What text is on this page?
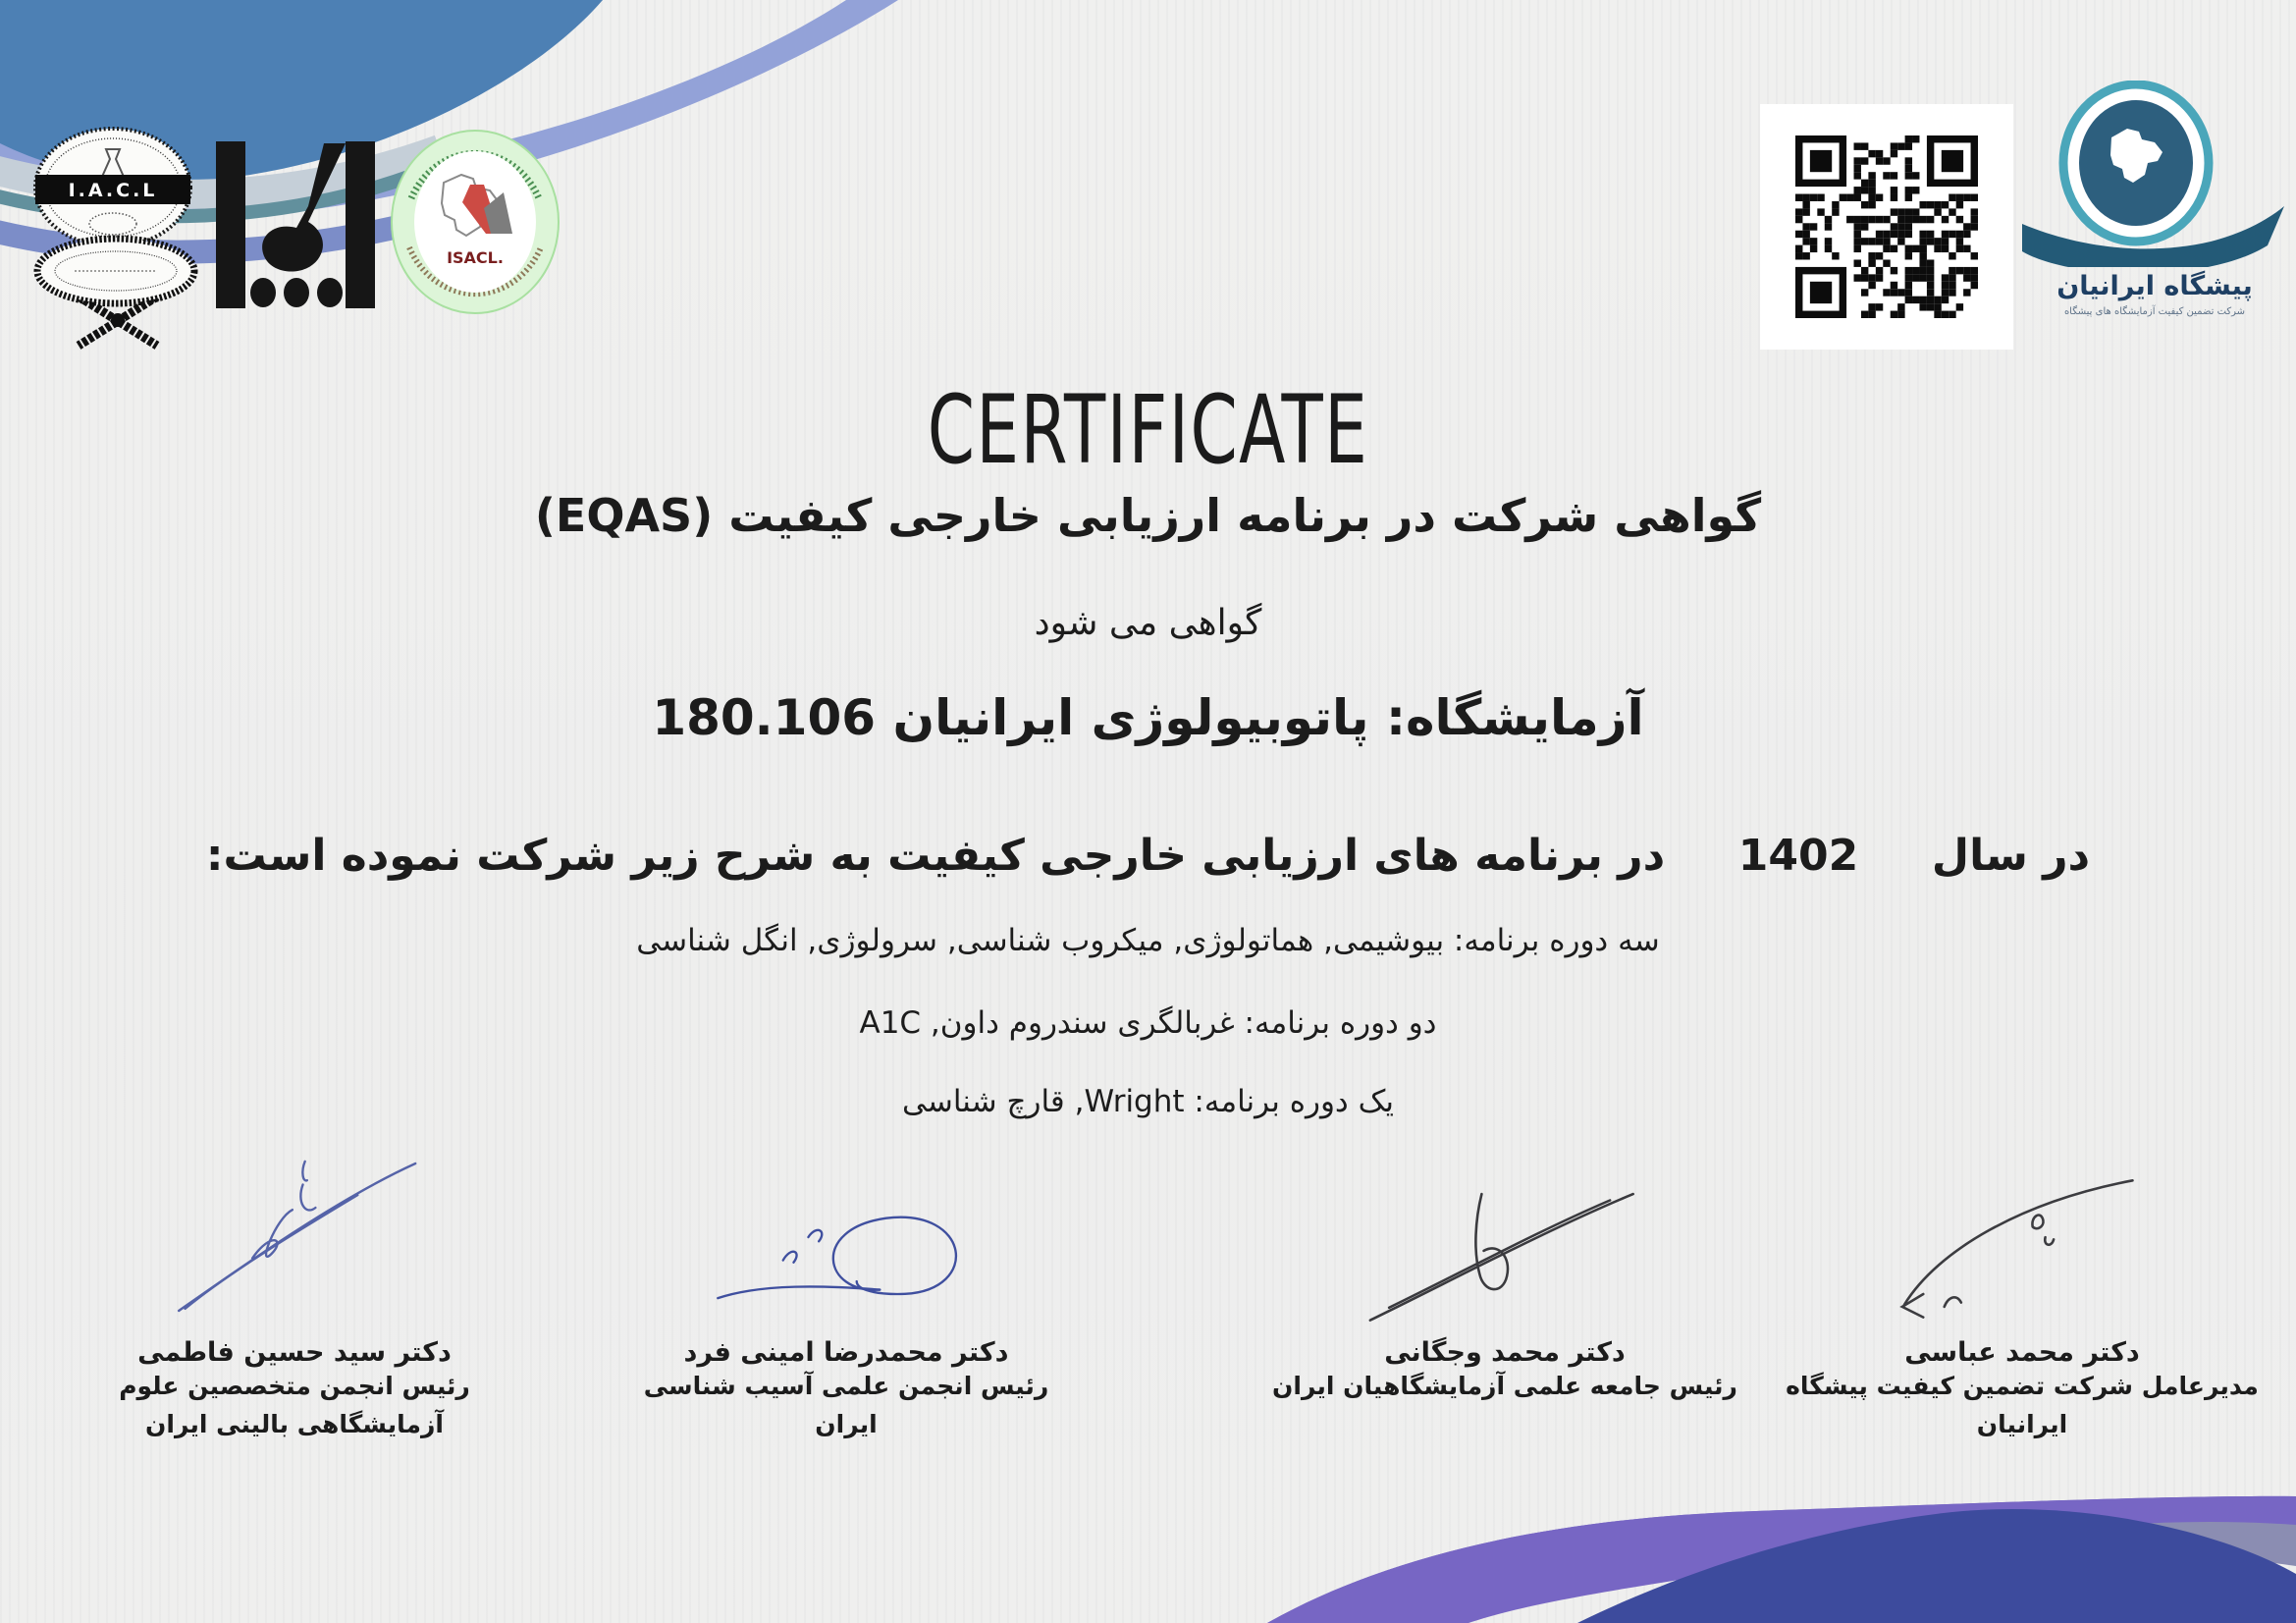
I.A.C.L
ISACL.
پیشگاه ایرانیان
شرکت تضمین کیفیت آزمایشگاه های پیشگاه
CERTIFICATE
گواهی شرکت در برنامه ارزیابی خارجی کیفیت (EQAS)
گواهی می شود
آزمایشگاه: پاتوبیولوژی ایرانیان 180.106
در سال   1402   در برنامه های ارزیابی خارجی کیفیت به شرح زیر شرکت نموده است:
سه دوره برنامه: بیوشیمی, هماتولوژی, میکروب شناسی, سرولوژی, انگل شناسی
دو دوره برنامه: غربالگری سندروم داون, A1C
یک دوره برنامه: Wright, قارچ شناسی
دکتر سید حسین فاطمی
رئیس انجمن متخصصین علوم
آزمایشگاهی بالینی ایران
دکتر محمدرضا امینی فرد
رئیس انجمن علمی آسیب شناسی
ایران
دکتر محمد وجگانی
رئیس جامعه علمی آزمایشگاهیان ایران
دکتر محمد عباسی
مدیرعامل شرکت تضمین کیفیت پیشگاه
ایرانیان
